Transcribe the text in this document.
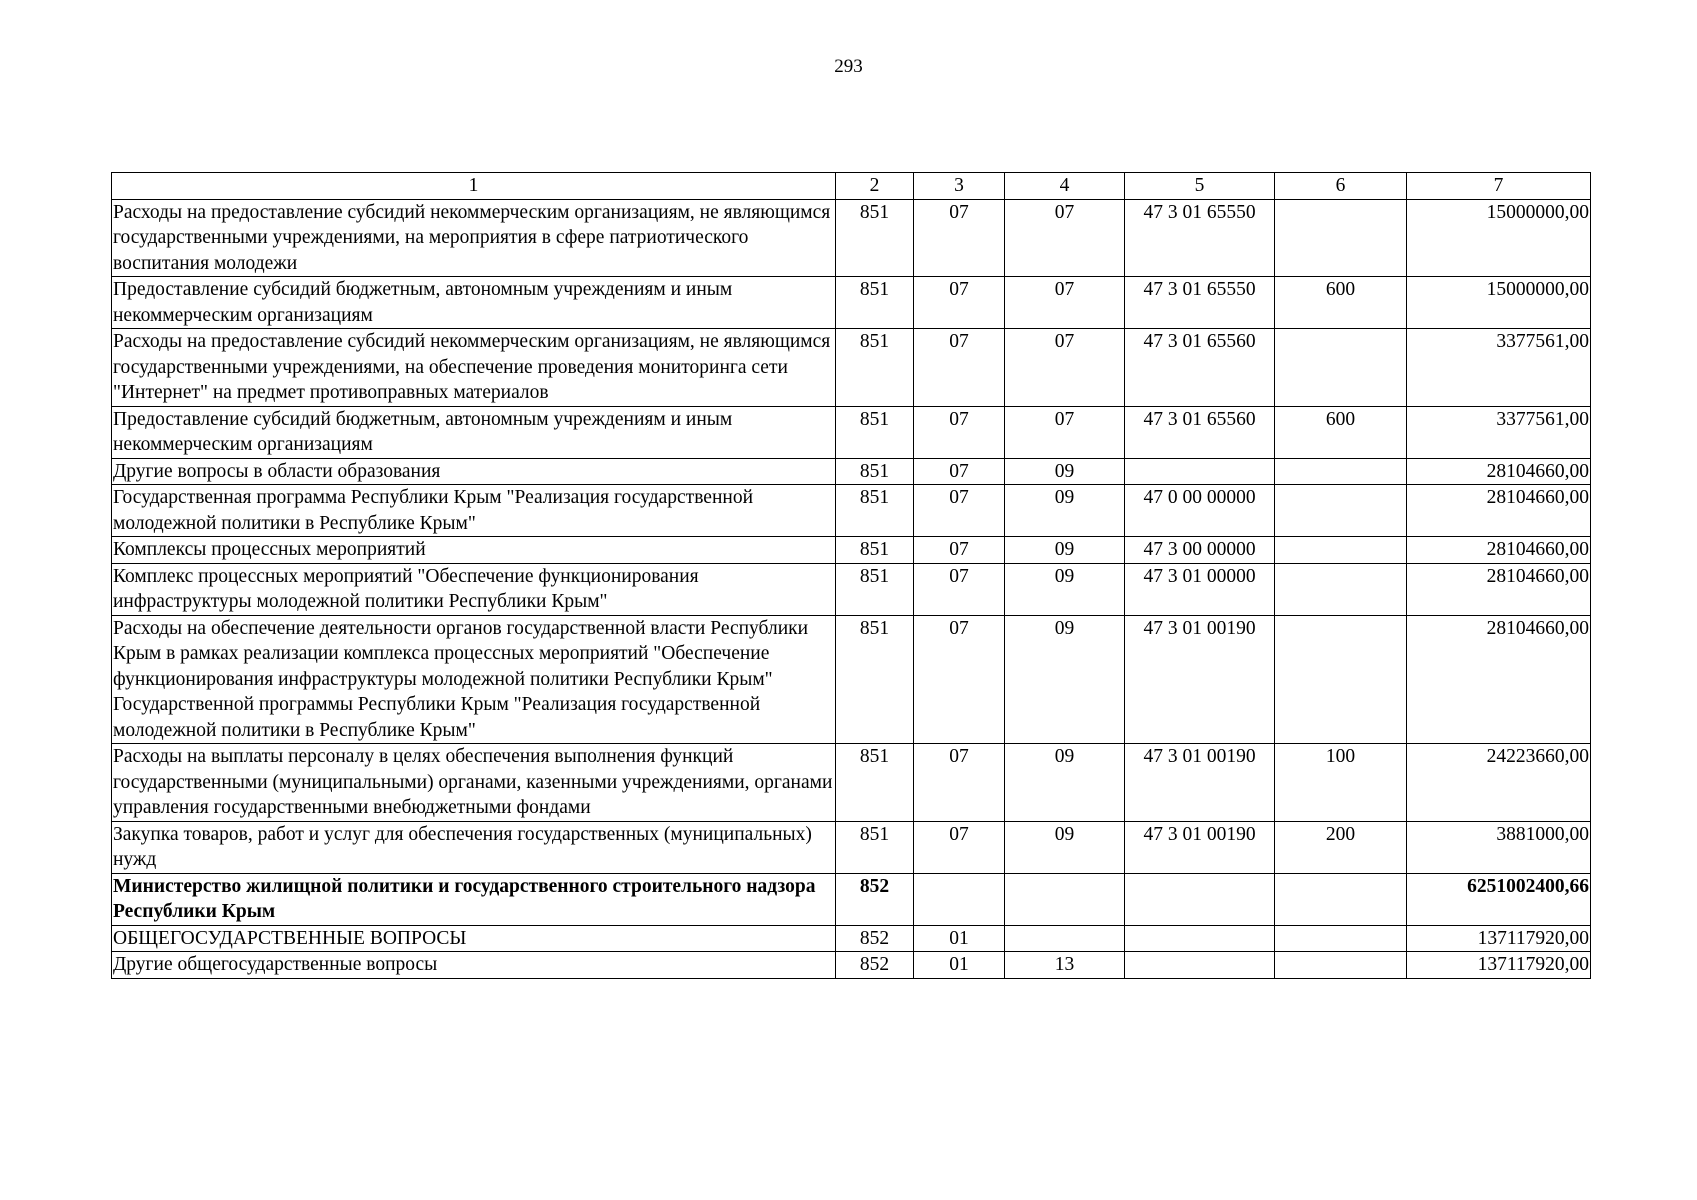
293
1	2	3	4	5	6	7
Расходы на предоставление субсидий некоммерческим организациям, не являющимся государственными учреждениями, на мероприятия в сфере патриотического воспитания молодежи	851	07	07	47 3 01 65550		15000000,00
Предоставление субсидий бюджетным, автономным учреждениям и иным некоммерческим организациям	851	07	07	47 3 01 65550	600	15000000,00
Расходы на предоставление субсидий некоммерческим организациям, не являющимся государственными учреждениями, на обеспечение проведения мониторинга сети "Интернет" на предмет противоправных материалов	851	07	07	47 3 01 65560		3377561,00
Предоставление субсидий бюджетным, автономным учреждениям и иным некоммерческим организациям	851	07	07	47 3 01 65560	600	3377561,00
Другие вопросы в области образования	851	07	09			28104660,00
Государственная программа Республики Крым "Реализация государственной молодежной политики в Республике Крым"	851	07	09	47 0 00 00000		28104660,00
Комплексы процессных мероприятий	851	07	09	47 3 00 00000		28104660,00
Комплекс процессных мероприятий "Обеспечение функционирования инфраструктуры молодежной политики Республики Крым"	851	07	09	47 3 01 00000		28104660,00
Расходы на обеспечение деятельности органов государственной власти Республики Крым в рамках реализации комплекса процессных мероприятий "Обеспечение функционирования инфраструктуры молодежной политики Республики Крым" Государственной программы Республики Крым "Реализация государственной молодежной политики в Республике Крым"	851	07	09	47 3 01 00190		28104660,00
Расходы на выплаты персоналу в целях обеспечения выполнения функций государственными (муниципальными) органами, казенными учреждениями, органами управления государственными внебюджетными фондами	851	07	09	47 3 01 00190	100	24223660,00
Закупка товаров, работ и услуг для обеспечения государственных (муниципальных) нужд	851	07	09	47 3 01 00190	200	3881000,00
Министерство жилищной политики и государственного строительного надзора Республики Крым	852					6251002400,66
ОБЩЕГОСУДАРСТВЕННЫЕ ВОПРОСЫ	852	01				137117920,00
Другие общегосударственные вопросы	852	01	13			137117920,00
